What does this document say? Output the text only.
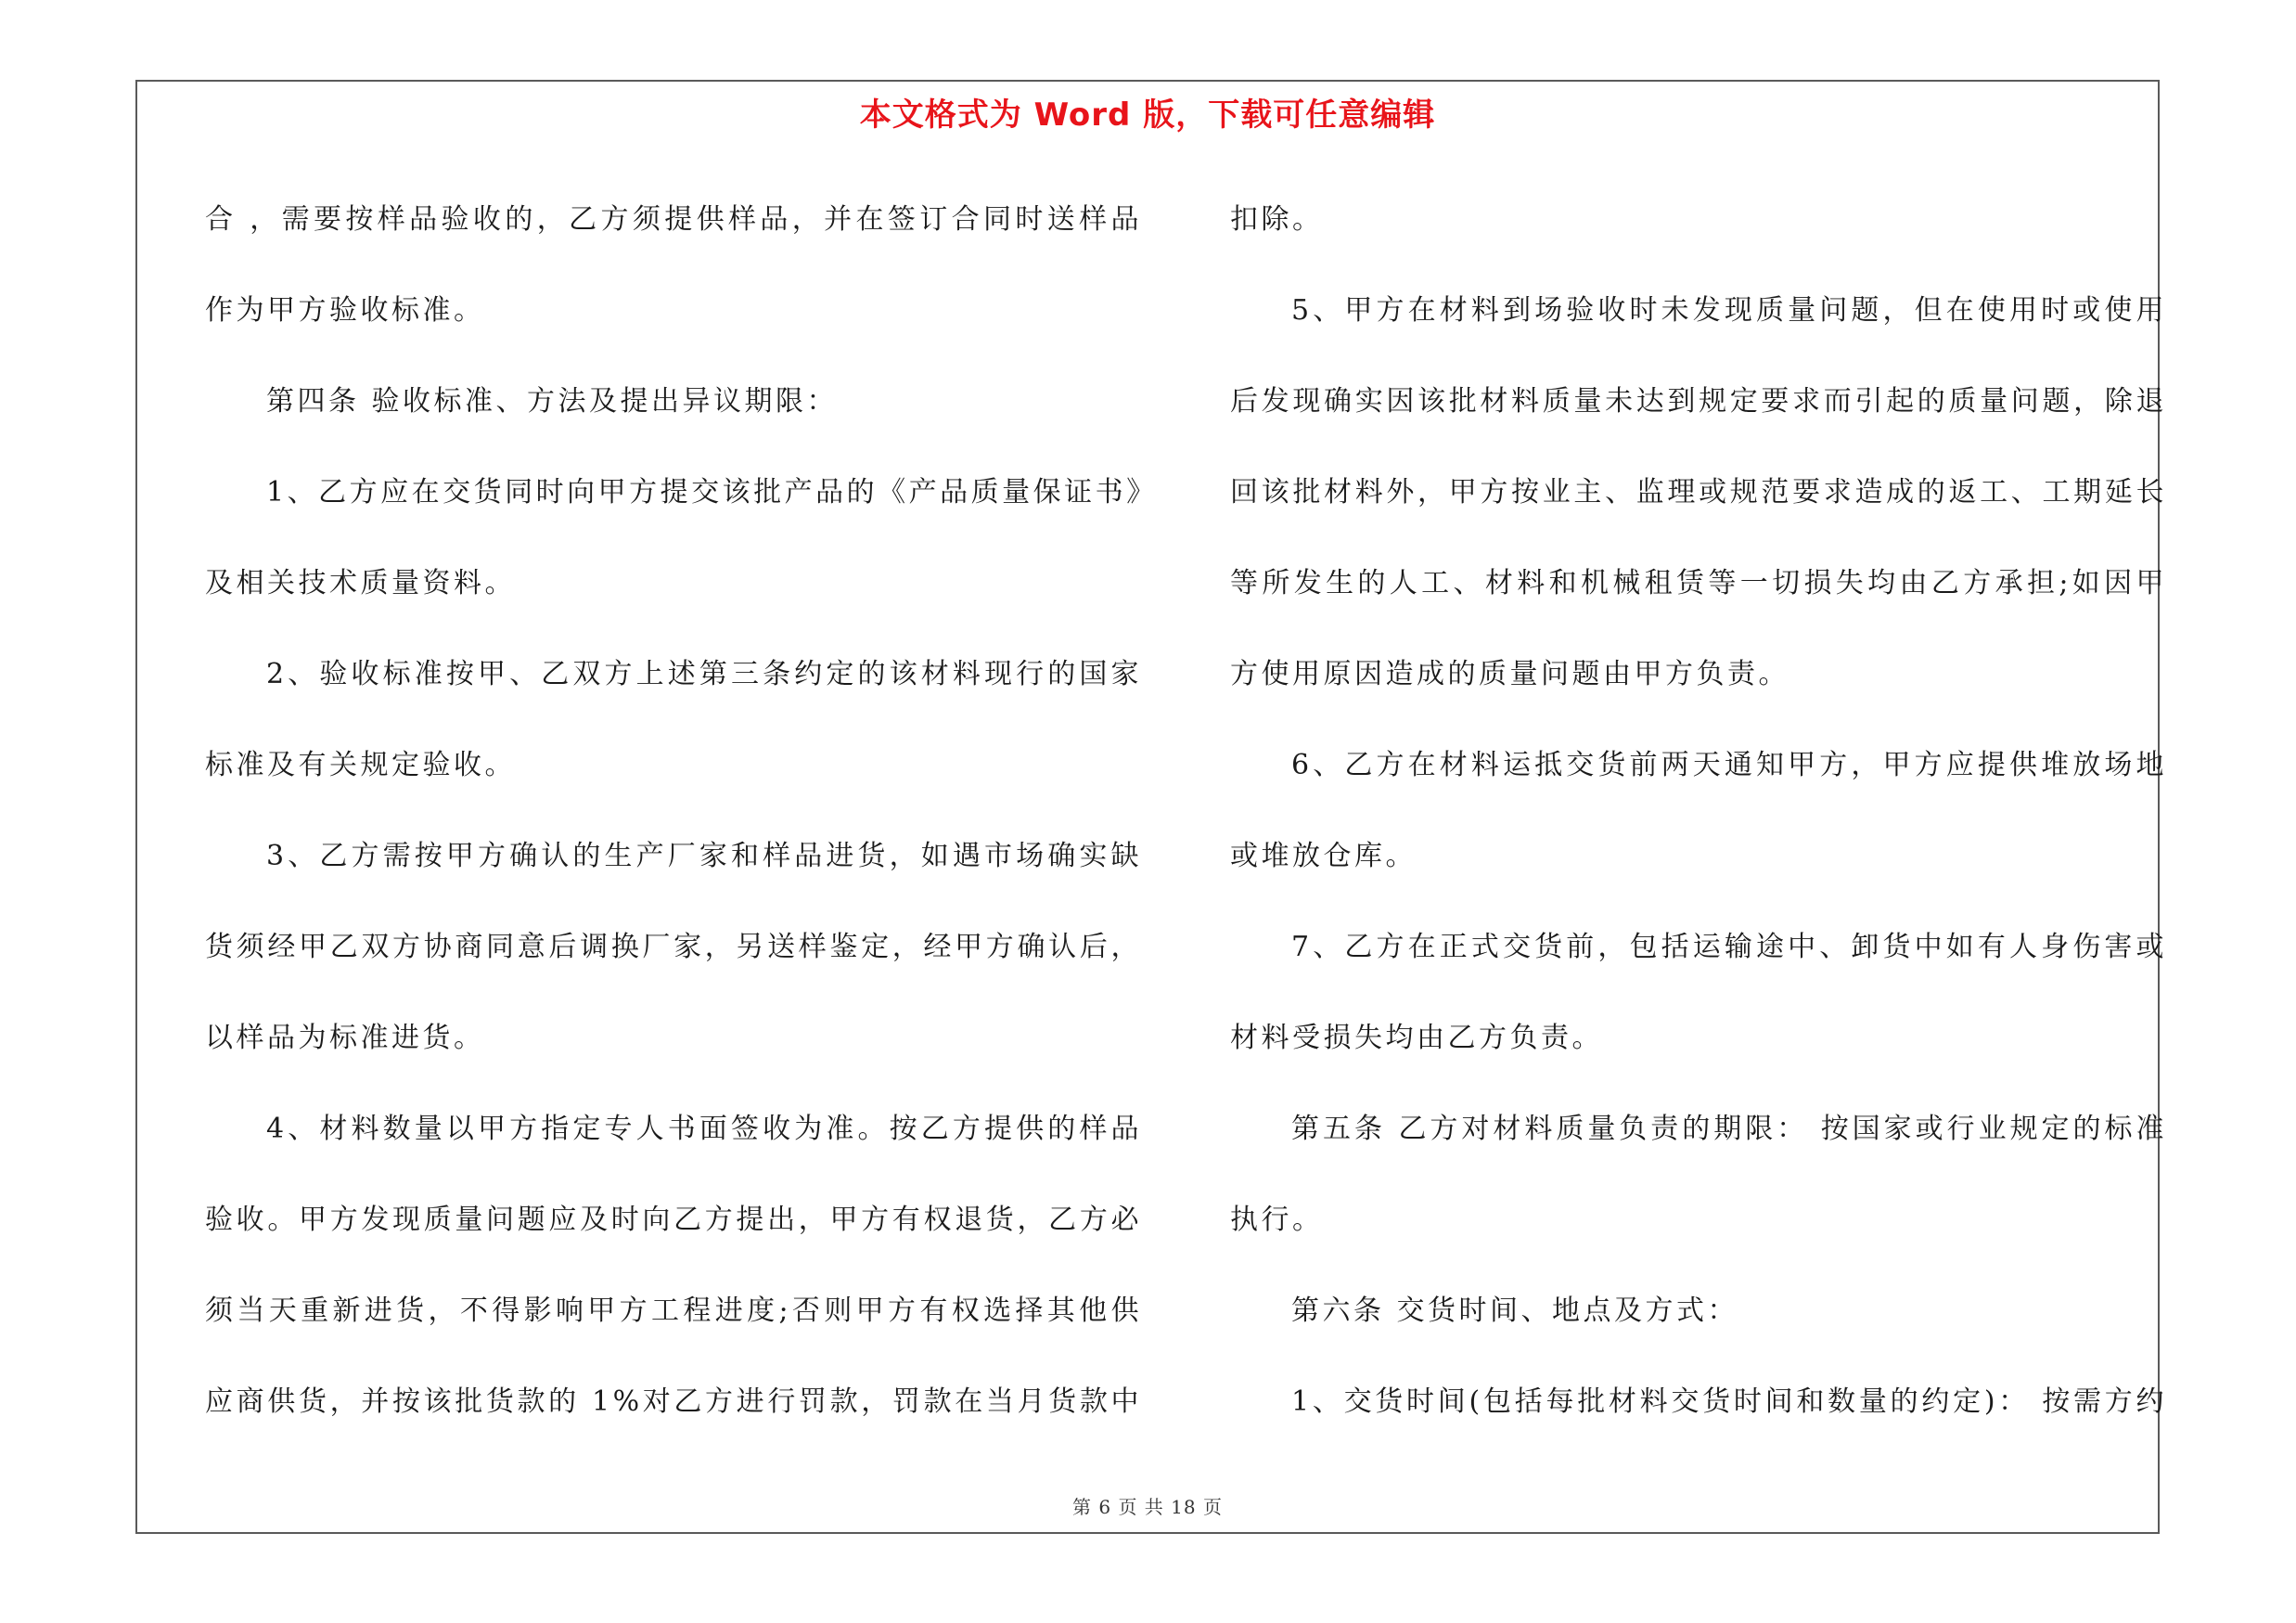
本文格式为 Word 版，下载可任意编辑
合 ，需要按样品验收的，乙方须提供样品，并在签订合同时送样品
作为甲方验收标准。
第四条 验收标准、方法及提出异议期限：
1、乙方应在交货同时向甲方提交该批产品的《产品质量保证书》
及相关技术质量资料。
2、验收标准按甲、乙双方上述第三条约定的该材料现行的国家
标准及有关规定验收。
3、乙方需按甲方确认的生产厂家和样品进货，如遇市场确实缺
货须经甲乙双方协商同意后调换厂家，另送样鉴定，经甲方确认后，
以样品为标准进货。
4、材料数量以甲方指定专人书面签收为准。按乙方提供的样品
验收。甲方发现质量问题应及时向乙方提出，甲方有权退货，乙方必
须当天重新进货，不得影响甲方工程进度;否则甲方有权选择其他供
应商供货，并按该批货款的 1%对乙方进行罚款，罚款在当月货款中
扣除。
5、甲方在材料到场验收时未发现质量问题，但在使用时或使用
后发现确实因该批材料质量未达到规定要求而引起的质量问题，除退
回该批材料外，甲方按业主、监理或规范要求造成的返工、工期延长
等所发生的人工、材料和机械租赁等一切损失均由乙方承担;如因甲
方使用原因造成的质量问题由甲方负责。
6、乙方在材料运抵交货前两天通知甲方，甲方应提供堆放场地
或堆放仓库。
7、乙方在正式交货前，包括运输途中、卸货中如有人身伤害或
材料受损失均由乙方负责。
第五条 乙方对材料质量负责的期限： 按国家或行业规定的标准
执行。
第六条 交货时间、地点及方式：
1、交货时间(包括每批材料交货时间和数量的约定)： 按需方约
第 6 页 共 18 页
